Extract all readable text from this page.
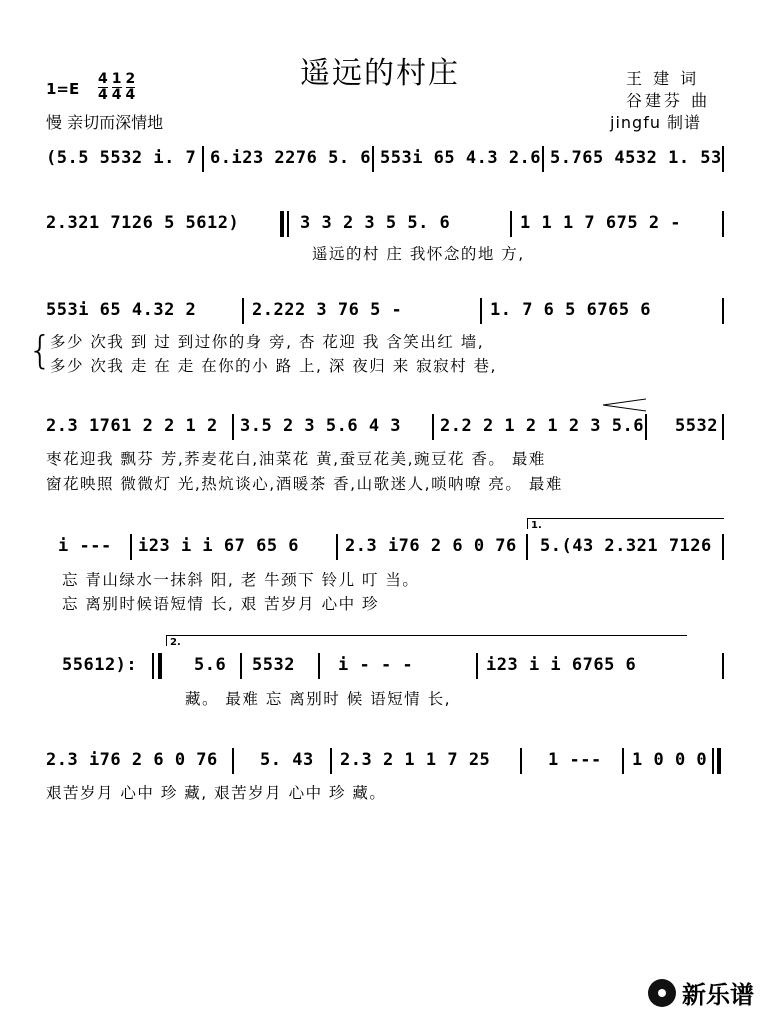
遥远的村庄
$1=E \frac{4}{4} \frac{1}{4} \frac{2}{4}$
慢 亲切而深情地
王 建 词
谷建芬 曲
jingfu 制谱
(5.5 5532 i. 7 6.i23 2276 5. 6 553i 65 4.3 2.6 5.765 4532 1. 53
2.321 7126 5 5612)	3 3 2 3 5 5. 6	1 1 1 7 675 2 -
553i 65 4.32 2	2.222 3 76 5 -	1. 7 6 5 6765 6
2.3 1761 2 2 1 2 3.5 2 3 5.6 4 3 2.2 2 1 2 1 2 3 5.6 5532
i --- i23 i i 67 65 6	2.3 i76 2 6 0 76 5.(43 2.321 7126
55612):	5.6 5532	i - - -	i23 i i 6765 6
2.3 i76 2 6 0 76 5. 43 2.3 2 1 1 7 25	1 --- 1 0 0 0
1.
2.
{
遥远的村 庄 我怀念的地 方,
多少 次我 到 过 到过你的身 旁, 杏 花迎 我 含笑出红 墙,
多少 次我 走 在 走 在你的小 路 上, 深 夜归 来 寂寂村 巷,
枣花迎我 飘芬 芳,荞麦花白,油菜花 黄,蚕豆花美,豌豆花 香。 最难
窗花映照 微微灯 光,热炕谈心,酒暖茶 香,山歌迷人,唢呐嘹 亮。 最难
忘 青山绿水一抹斜 阳, 老 牛颈下 铃儿 叮 当。
忘 离别时候语短情 长, 艰 苦岁月 心中 珍
藏。 最难 忘 离别时 候 语短情 长,
艰苦岁月 心中 珍 藏, 艰苦岁月 心中 珍 藏。
新乐谱
